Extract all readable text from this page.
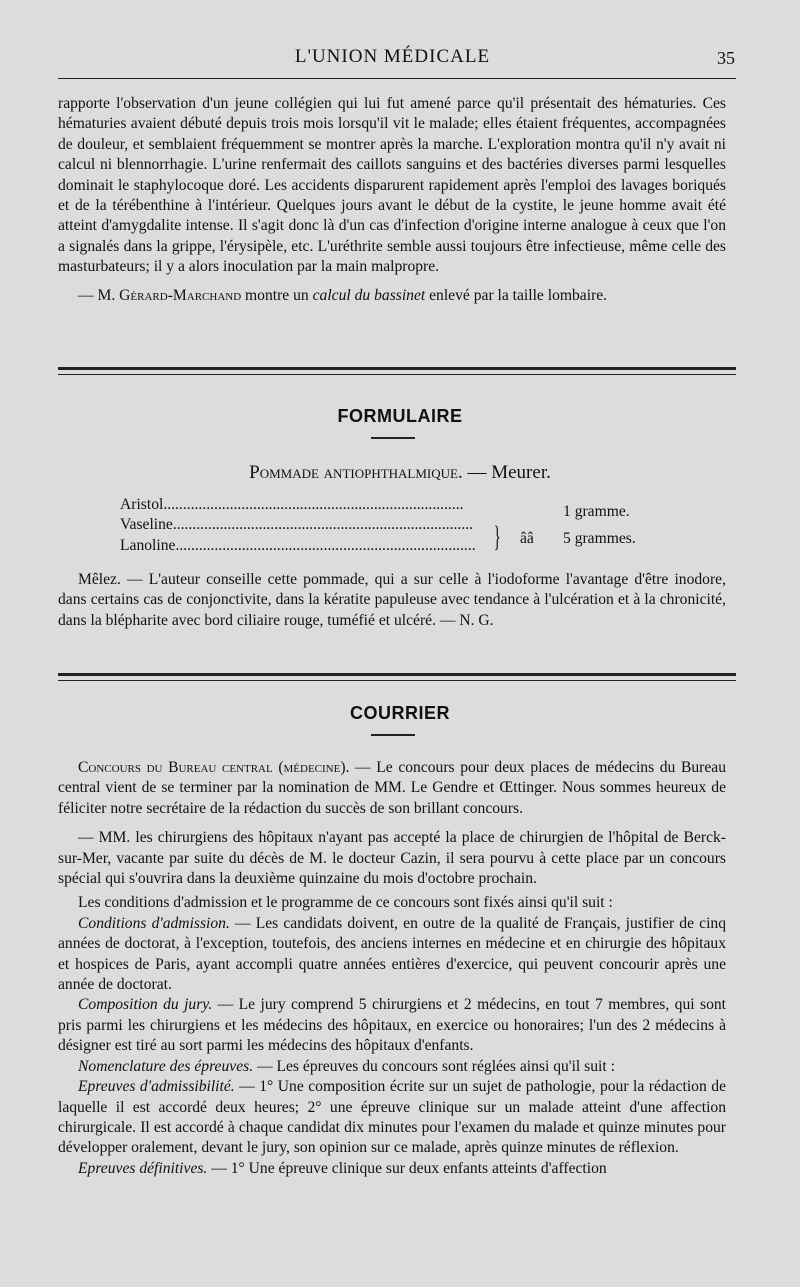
L'UNION MÉDICALE	35

rapporte l'observation d'un jeune collégien qui lui fut amené parce qu'il présentait des hématuries. Ces hématuries avaient débuté depuis trois mois lorsqu'il vit le malade; elles étaient fréquentes, accompagnées de douleur, et semblaient fréquemment se montrer après la marche. L'exploration montra qu'il n'y avait ni calcul ni blennorrhagie. L'urine renfermait des caillots sanguins et des bactéries diverses parmi lesquelles dominait le staphylocoque doré. Les accidents disparurent rapidement après l'emploi des lavages boriqués et de la térébenthine à l'intérieur. Quelques jours avant le début de la cystite, le jeune homme avait été atteint d'amygdalite intense. Il s'agit donc là d'un cas d'infection d'origine interne analogue à ceux que l'on a signalés dans la grippe, l'érysipèle, etc. L'uréthrite semble aussi toujours être infectieuse, même celle des masturbateurs; il y a alors inoculation par la main malpropre.

— M. Gérard-Marchand montre un calcul du bassinet enlevé par la taille lombaire.

FORMULAIRE
Pommade antiophthalmique. — Meurer.
Aristol.............................................................................	1 gramme.
Vaseline.............................................................................
Lanoline............................................................................. } ââ 5 grammes.

Mêlez. — L'auteur conseille cette pommade, qui a sur celle à l'iodoforme l'avantage d'être inodore, dans certains cas de conjonctivite, dans la kératite papuleuse avec tendance à l'ulcération et à la chronicité, dans la blépharite avec bord ciliaire rouge, tuméfié et ulcéré. — N. G.

COURRIER

Concours du Bureau central (médecine). — Le concours pour deux places de médecins du Bureau central vient de se terminer par la nomination de MM. Le Gendre et Œttinger. Nous sommes heureux de féliciter notre secrétaire de la rédaction du succès de son brillant concours.

— MM. les chirurgiens des hôpitaux n'ayant pas accepté la place de chirurgien de l'hôpital de Berck-sur-Mer, vacante par suite du décès de M. le docteur Cazin, il sera pourvu à cette place par un concours spécial qui s'ouvrira dans la deuxième quinzaine du mois d'octobre prochain.

Les conditions d'admission et le programme de ce concours sont fixés ainsi qu'il suit :

Conditions d'admission. — Les candidats doivent, en outre de la qualité de Français, justifier de cinq années de doctorat, à l'exception, toutefois, des anciens internes en médecine et en chirurgie des hôpitaux et hospices de Paris, ayant accompli quatre années entières d'exercice, qui peuvent concourir après une année de doctorat.

Composition du jury. — Le jury comprend 5 chirurgiens et 2 médecins, en tout 7 membres, qui sont pris parmi les chirurgiens et les médecins des hôpitaux, en exercice ou honoraires; l'un des 2 médecins à désigner est tiré au sort parmi les médecins des hôpitaux d'enfants.

Nomenclature des épreuves. — Les épreuves du concours sont réglées ainsi qu'il suit :

Epreuves d'admissibilité. — 1° Une composition écrite sur un sujet de pathologie, pour la rédaction de laquelle il est accordé deux heures; 2° une épreuve clinique sur un malade atteint d'une affection chirurgicale. Il est accordé à chaque candidat dix minutes pour l'examen du malade et quinze minutes pour développer oralement, devant le jury, son opinion sur ce malade, après quinze minutes de réflexion.

Epreuves définitives. — 1° Une épreuve clinique sur deux enfants atteints d'affection
